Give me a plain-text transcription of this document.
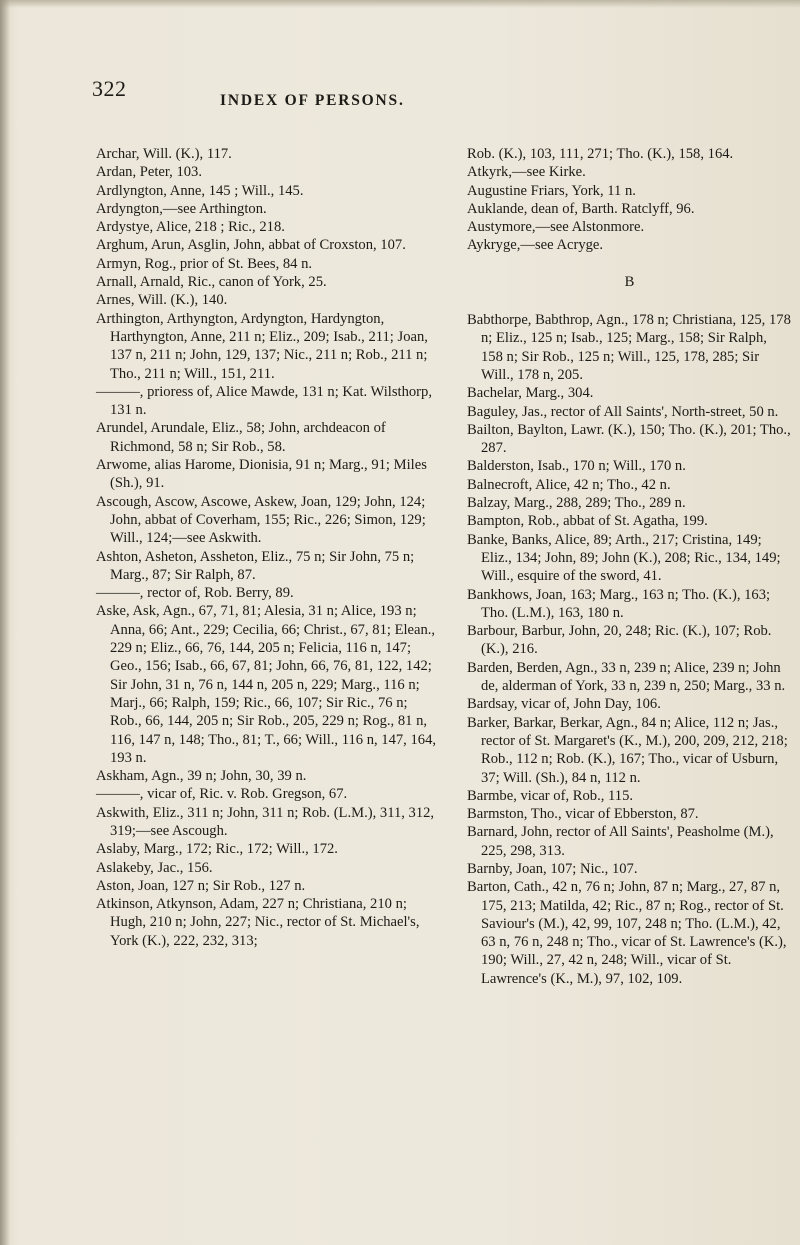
322	INDEX OF PERSONS.

Archar, Will. (K.), 117.

Ardan, Peter, 103.

Ardlyngton, Anne, 145 ; Will., 145.

Ardyngton,—see Arthington.

Ardystye, Alice, 218 ; Ric., 218.

Arghum, Arun, Asglin, John, abbat of Croxston, 107.

Armyn, Rog., prior of St. Bees, 84 n.

Arnall, Arnald, Ric., canon of York, 25.

Arnes, Will. (K.), 140.

Arthington, Arthyngton, Ardyngton, Hardyngton, Harthyngton, Anne, 211 n; Eliz., 209; Isab., 211; Joan, 137 n, 211 n; John, 129, 137; Nic., 211 n; Rob., 211 n; Tho., 211 n; Will., 151, 211.

———, prioress of, Alice Mawde, 131 n; Kat. Wilsthorp, 131 n.

Arundel, Arundale, Eliz., 58; John, archdeacon of Richmond, 58 n; Sir Rob., 58.

Arwome, alias Harome, Dionisia, 91 n; Marg., 91; Miles (Sh.), 91.

Ascough, Ascow, Ascowe, Askew, Joan, 129; John, 124; John, abbat of Coverham, 155; Ric., 226; Simon, 129; Will., 124;—see Askwith.

Ashton, Asheton, Assheton, Eliz., 75 n; Sir John, 75 n; Marg., 87; Sir Ralph, 87.

———, rector of, Rob. Berry, 89.

Aske, Ask, Agn., 67, 71, 81; Alesia, 31 n; Alice, 193 n; Anna, 66; Ant., 229; Cecilia, 66; Christ., 67, 81; Elean., 229 n; Eliz., 66, 76, 144, 205 n; Felicia, 116 n, 147; Geo., 156; Isab., 66, 67, 81; John, 66, 76, 81, 122, 142; Sir John, 31 n, 76 n, 144 n, 205 n, 229; Marg., 116 n; Marj., 66; Ralph, 159; Ric., 66, 107; Sir Ric., 76 n; Rob., 66, 144, 205 n; Sir Rob., 205, 229 n; Rog., 81 n, 116, 147 n, 148; Tho., 81; T., 66; Will., 116 n, 147, 164, 193 n.

Askham, Agn., 39 n; John, 30, 39 n.

———, vicar of, Ric. v. Rob. Gregson, 67.

Askwith, Eliz., 311 n; John, 311 n; Rob. (L.M.), 311, 312, 319;—see Ascough.

Aslaby, Marg., 172; Ric., 172; Will., 172.

Aslakeby, Jac., 156.

Aston, Joan, 127 n; Sir Rob., 127 n.

Atkinson, Atkynson, Adam, 227 n; Christiana, 210 n; Hugh, 210 n; John, 227; Nic., rector of St. Michael's, York (K.), 222, 232, 313;

Rob. (K.), 103, 111, 271; Tho. (K.), 158, 164.

Atkyrk,—see Kirke.

Augustine Friars, York, 11 n.

Auklande, dean of, Barth. Ratclyff, 96.

Austymore,—see Alstonmore.

Aykryge,—see Acryge.

B

Babthorpe, Babthrop, Agn., 178 n; Christiana, 125, 178 n; Eliz., 125 n; Isab., 125; Marg., 158; Sir Ralph, 158 n; Sir Rob., 125 n; Will., 125, 178, 285; Sir Will., 178 n, 205.

Bachelar, Marg., 304.

Baguley, Jas., rector of All Saints', North-street, 50 n.

Bailton, Baylton, Lawr. (K.), 150; Tho. (K.), 201; Tho., 287.

Balderston, Isab., 170 n; Will., 170 n.

Balnecroft, Alice, 42 n; Tho., 42 n.

Balzay, Marg., 288, 289; Tho., 289 n.

Bampton, Rob., abbat of St. Agatha, 199.

Banke, Banks, Alice, 89; Arth., 217; Cristina, 149; Eliz., 134; John, 89; John (K.), 208; Ric., 134, 149; Will., esquire of the sword, 41.

Bankhows, Joan, 163; Marg., 163 n; Tho. (K.), 163; Tho. (L.M.), 163, 180 n.

Barbour, Barbur, John, 20, 248; Ric. (K.), 107; Rob. (K.), 216.

Barden, Berden, Agn., 33 n, 239 n; Alice, 239 n; John de, alderman of York, 33 n, 239 n, 250; Marg., 33 n.

Bardsay, vicar of, John Day, 106.

Barker, Barkar, Berkar, Agn., 84 n; Alice, 112 n; Jas., rector of St. Margaret's (K., M.), 200, 209, 212, 218; Rob., 112 n; Rob. (K.), 167; Tho., vicar of Usburn, 37; Will. (Sh.), 84 n, 112 n.

Barmbe, vicar of, Rob., 115.

Barmston, Tho., vicar of Ebberston, 87.

Barnard, John, rector of All Saints', Peasholme (M.), 225, 298, 313.

Barnby, Joan, 107; Nic., 107.

Barton, Cath., 42 n, 76 n; John, 87 n; Marg., 27, 87 n, 175, 213; Matilda, 42; Ric., 87 n; Rog., rector of St. Saviour's (M.), 42, 99, 107, 248 n; Tho. (L.M.), 42, 63 n, 76 n, 248 n; Tho., vicar of St. Lawrence's (K.), 190; Will., 27, 42 n, 248; Will., vicar of St. Lawrence's (K., M.), 97, 102, 109.
